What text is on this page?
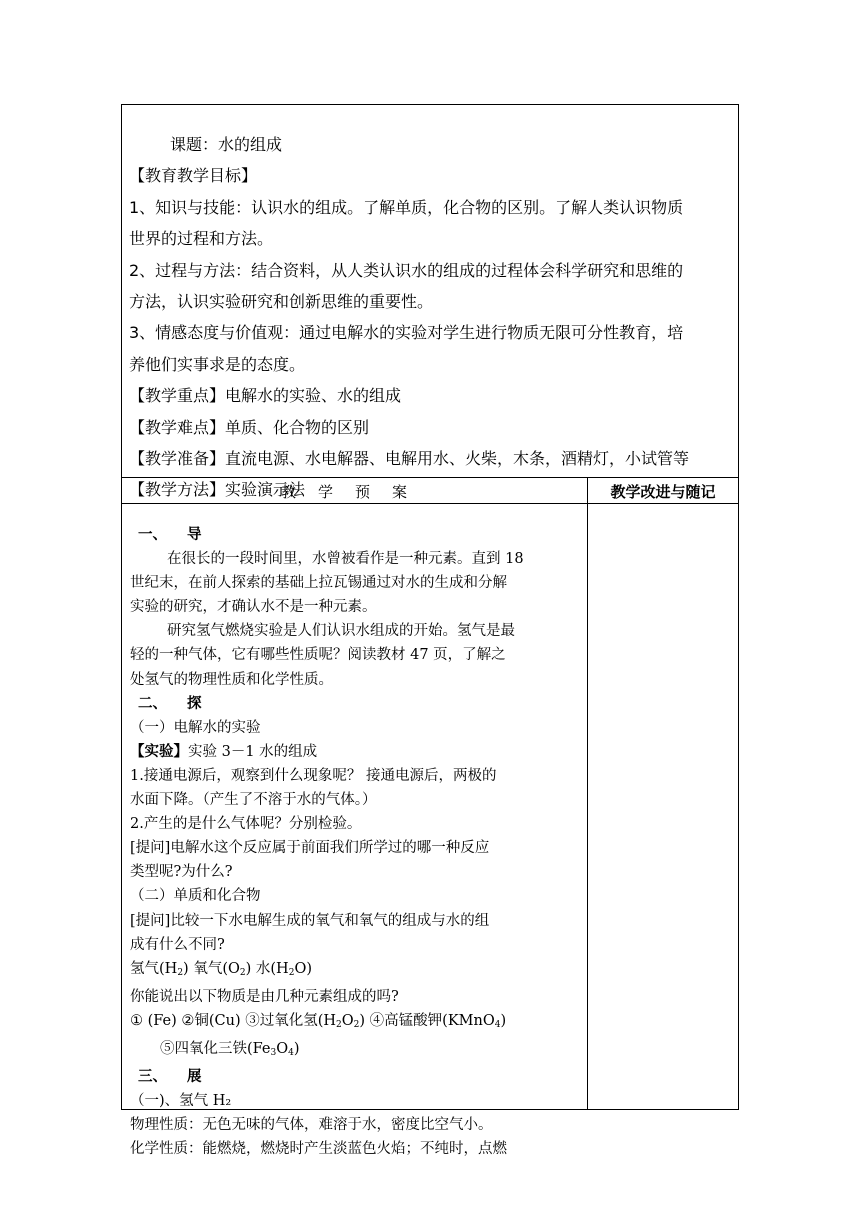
课题：水的组成
【教育教学目标】
1、知识与技能：认识水的组成。了解单质，化合物的区别。了解人类认识物质
世界的过程和方法。
2、过程与方法：结合资料，从人类认识水的组成的过程体会科学研究和思维的
方法，认识实验研究和创新思维的重要性。
3、情感态度与价值观：通过电解水的实验对学生进行物质无限可分性教育，培
养他们实事求是的态度。
【教学重点】电解水的实验、水的组成
【教学难点】单质、化合物的区别
【教学准备】直流电源、水电解器、电解用水、火柴，木条，酒精灯，小试管等
【教学方法】实验演示法
教学预案	教学改进与随记
一、 导
在很长的一段时间里，水曾被看作是一种元素。直到 18
世纪末，在前人探索的基础上拉瓦锡通过对水的生成和分解
实验的研究，才确认水不是一种元素。
研究氢气燃烧实验是人们认识水组成的开始。氢气是最
轻的一种气体，它有哪些性质呢？阅读教材 47 页，了解之
处氢气的物理性质和化学性质。
二、 探
（一）电解水的实验
【实验】实验 3－1 水的组成
1.接通电源后，观察到什么现象呢？ 接通电源后，两极的
水面下降。（产生了不溶于水的气体。）
2.产生的是什么气体呢？分别检验。
[提问]电解水这个反应属于前面我们所学过的哪一种反应
类型呢?为什么?
（二）单质和化合物
[提问]比较一下水电解生成的氧气和氧气的组成与水的组
成有什么不同?
氢气$(H_2)$ 氧气$(O_2)$ 水$(H_2O)$
你能说出以下物质是由几种元素组成的吗?
① (Fe) ②铜(Cu) ③过氧化氢$(H_2O_2)$ ④高锰酸钾(KMnO$_4$)
⑤四氧化三铁$(Fe_3O_4)$
三、 展
（一)、氢气 H₂
物理性质：无色无味的气体，难溶于水，密度比空气小。
化学性质：能燃烧，燃烧时产生淡蓝色火焰；不纯时，点燃
